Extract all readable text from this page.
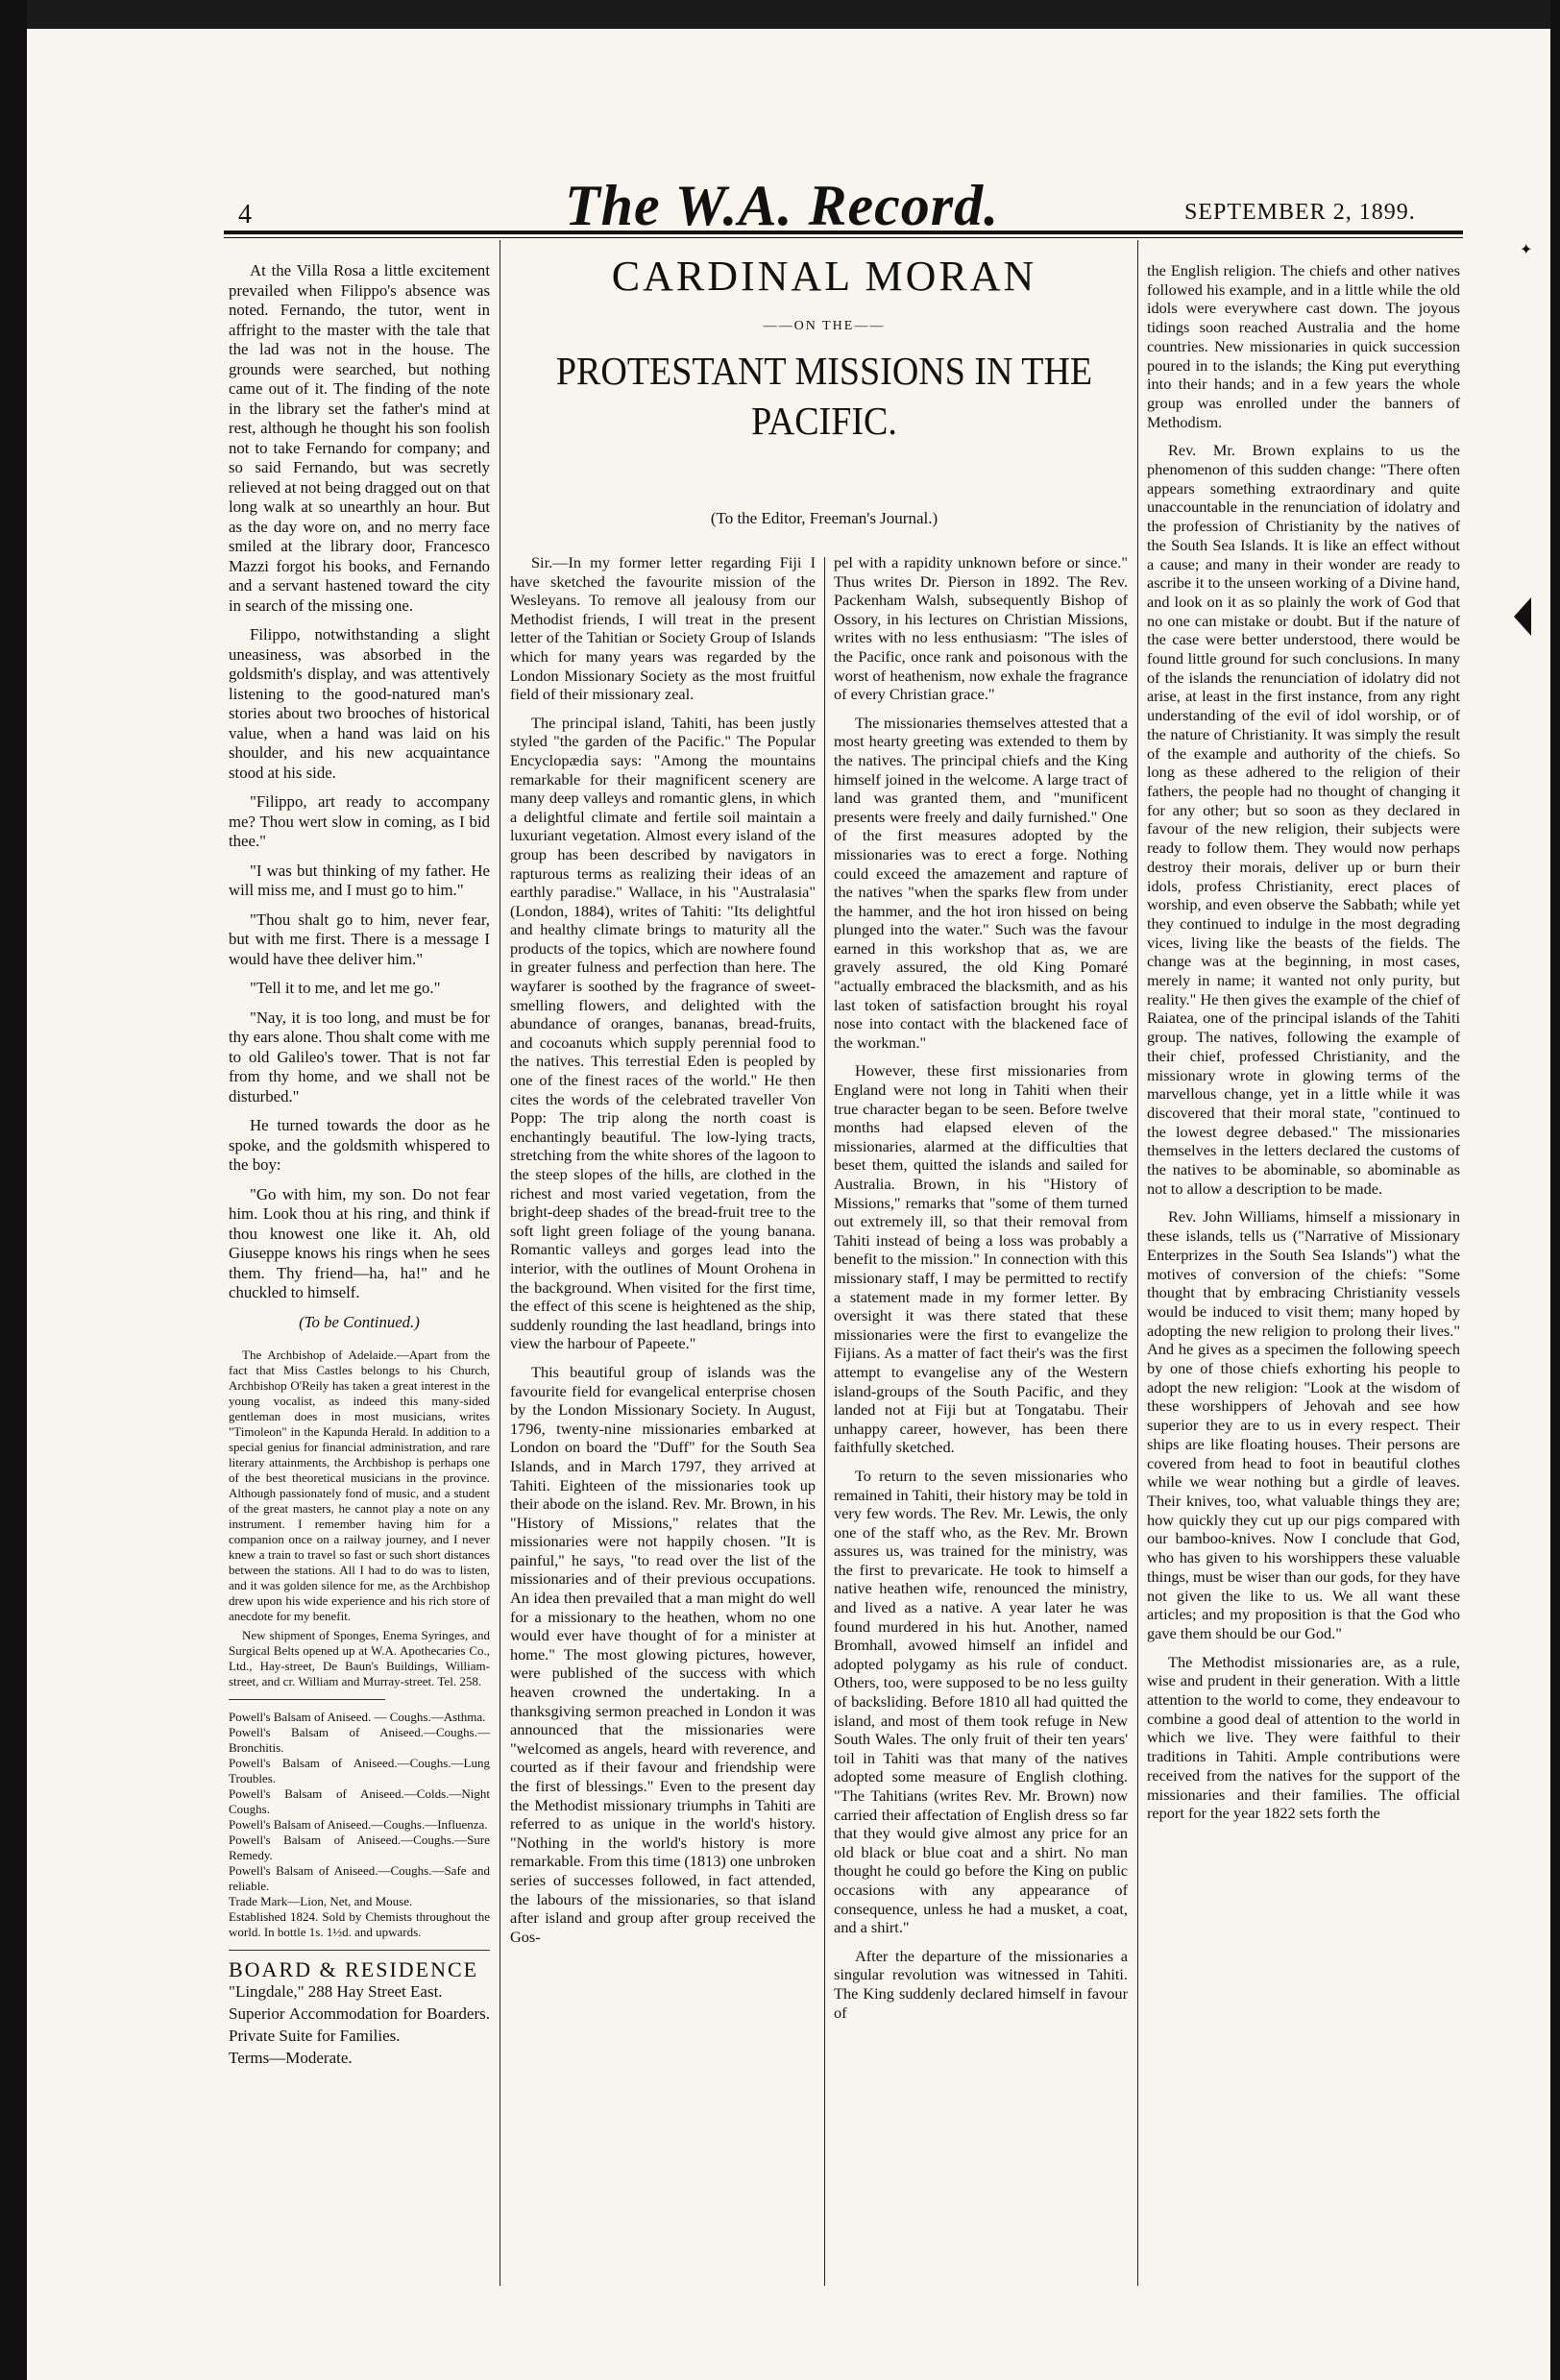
✦
4	The W.A. Record.	SEPTEMBER 2, 1899.
CARDINAL MORAN
——ON THE——
PROTESTANT MISSIONS IN THE PACIFIC.
(To the Editor, Freeman's Journal.)

At the Villa Rosa a little excitement prevailed when Filippo's absence was noted. Fernando, the tutor, went in affright to the master with the tale that the lad was not in the house. The grounds were searched, but nothing came out of it. The finding of the note in the library set the father's mind at rest, although he thought his son foolish not to take Fernando for company; and so said Fernando, but was secretly relieved at not being dragged out on that long walk at so unearthly an hour. But as the day wore on, and no merry face smiled at the library door, Francesco Mazzi forgot his books, and Fernando and a servant hastened toward the city in search of the missing one.

Filippo, notwithstanding a slight uneasiness, was absorbed in the goldsmith's display, and was attentively listening to the good-natured man's stories about two brooches of historical value, when a hand was laid on his shoulder, and his new acquaintance stood at his side.

"Filippo, art ready to accompany me? Thou wert slow in coming, as I bid thee."

"I was but thinking of my father. He will miss me, and I must go to him."

"Thou shalt go to him, never fear, but with me first. There is a message I would have thee deliver him."

"Tell it to me, and let me go."

"Nay, it is too long, and must be for thy ears alone. Thou shalt come with me to old Galileo's tower. That is not far from thy home, and we shall not be disturbed."

He turned towards the door as he spoke, and the goldsmith whispered to the boy:

"Go with him, my son. Do not fear him. Look thou at his ring, and think if thou knowest one like it. Ah, old Giuseppe knows his rings when he sees them. Thy friend—ha, ha!" and he chuckled to himself.

(To be Continued.)

The Archbishop of Adelaide.—Apart from the fact that Miss Castles belongs to his Church, Archbishop O'Reily has taken a great interest in the young vocalist, as indeed this many-sided gentleman does in most musicians, writes "Timoleon" in the Kapunda Herald. In addition to a special genius for financial administration, and rare literary attainments, the Archbishop is perhaps one of the best theoretical musicians in the province. Although passionately fond of music, and a student of the great masters, he cannot play a note on any instrument. I remember having him for a companion once on a railway journey, and I never knew a train to travel so fast or such short distances between the stations. All I had to do was to listen, and it was golden silence for me, as the Archbishop drew upon his wide experience and his rich store of anecdote for my benefit.

New shipment of Sponges, Enema Syringes, and Surgical Belts opened up at W.A. Apothecaries Co., Ltd., Hay-street, De Baun's Buildings, William-street, and cr. William and Murray-street. Tel. 258.

Powell's Balsam of Aniseed. — Coughs.—Asthma.

Powell's Balsam of Aniseed.—Coughs.—Bronchitis.

Powell's Balsam of Aniseed.—Coughs.—Lung Troubles.

Powell's Balsam of Aniseed.—Colds.—Night Coughs.

Powell's Balsam of Aniseed.—Coughs.—Influenza.

Powell's Balsam of Aniseed.—Coughs.—Sure Remedy.

Powell's Balsam of Aniseed.—Coughs.—Safe and reliable.

Trade Mark—Lion, Net, and Mouse.

Established 1824. Sold by Chemists throughout the world. In bottle 1s. 1½d. and upwards.

BOARD & RESIDENCE
"Lingdale," 288 Hay Street East.
Superior Accommodation for Boarders. Private Suite for Families.
Terms—Moderate.

Sir.—In my former letter regarding Fiji I have sketched the favourite mission of the Wesleyans. To remove all jealousy from our Methodist friends, I will treat in the present letter of the Tahitian or Society Group of Islands which for many years was regarded by the London Missionary Society as the most fruitful field of their missionary zeal.

The principal island, Tahiti, has been justly styled "the garden of the Pacific." The Popular Encyclopædia says: "Among the mountains remarkable for their magnificent scenery are many deep valleys and romantic glens, in which a delightful climate and fertile soil maintain a luxuriant vegetation. Almost every island of the group has been described by navigators in rapturous terms as realizing their ideas of an earthly paradise." Wallace, in his "Australasia" (London, 1884), writes of Tahiti: "Its delightful and healthy climate brings to maturity all the products of the topics, which are nowhere found in greater fulness and perfection than here. The wayfarer is soothed by the fragrance of sweet-smelling flowers, and delighted with the abundance of oranges, bananas, bread-fruits, and cocoanuts which supply perennial food to the natives. This terrestial Eden is peopled by one of the finest races of the world." He then cites the words of the celebrated traveller Von Popp: The trip along the north coast is enchantingly beautiful. The low-lying tracts, stretching from the white shores of the lagoon to the steep slopes of the hills, are clothed in the richest and most varied vegetation, from the bright-deep shades of the bread-fruit tree to the soft light green foliage of the young banana. Romantic valleys and gorges lead into the interior, with the outlines of Mount Orohena in the background. When visited for the first time, the effect of this scene is heightened as the ship, suddenly rounding the last headland, brings into view the harbour of Papeete."

This beautiful group of islands was the favourite field for evangelical enterprise chosen by the London Missionary Society. In August, 1796, twenty-nine missionaries embarked at London on board the "Duff" for the South Sea Islands, and in March 1797, they arrived at Tahiti. Eighteen of the missionaries took up their abode on the island. Rev. Mr. Brown, in his "History of Missions," relates that the missionaries were not happily chosen. "It is painful," he says, "to read over the list of the missionaries and of their previous occupations. An idea then prevailed that a man might do well for a missionary to the heathen, whom no one would ever have thought of for a minister at home." The most glowing pictures, however, were published of the success with which heaven crowned the undertaking. In a thanksgiving sermon preached in London it was announced that the missionaries were "welcomed as angels, heard with reverence, and courted as if their favour and friendship were the first of blessings." Even to the present day the Methodist missionary triumphs in Tahiti are referred to as unique in the world's history. "Nothing in the world's history is more remarkable. From this time (1813) one unbroken series of successes followed, in fact attended, the labours of the missionaries, so that island after island and group after group received the Gos-

pel with a rapidity unknown before or since." Thus writes Dr. Pierson in 1892. The Rev. Packenham Walsh, subsequently Bishop of Ossory, in his lectures on Christian Missions, writes with no less enthusiasm: "The isles of the Pacific, once rank and poisonous with the worst of heathenism, now exhale the fragrance of every Christian grace."

The missionaries themselves attested that a most hearty greeting was extended to them by the natives. The principal chiefs and the King himself joined in the welcome. A large tract of land was granted them, and "munificent presents were freely and daily furnished." One of the first measures adopted by the missionaries was to erect a forge. Nothing could exceed the amazement and rapture of the natives "when the sparks flew from under the hammer, and the hot iron hissed on being plunged into the water." Such was the favour earned in this workshop that as, we are gravely assured, the old King Pomaré "actually embraced the blacksmith, and as his last token of satisfaction brought his royal nose into contact with the blackened face of the workman."

However, these first missionaries from England were not long in Tahiti when their true character began to be seen. Before twelve months had elapsed eleven of the missionaries, alarmed at the difficulties that beset them, quitted the islands and sailed for Australia. Brown, in his "History of Missions," remarks that "some of them turned out extremely ill, so that their removal from Tahiti instead of being a loss was probably a benefit to the mission." In connection with this missionary staff, I may be permitted to rectify a statement made in my former letter. By oversight it was there stated that these missionaries were the first to evangelize the Fijians. As a matter of fact their's was the first attempt to evangelise any of the Western island-groups of the South Pacific, and they landed not at Fiji but at Tongatabu. Their unhappy career, however, has been there faithfully sketched.

To return to the seven missionaries who remained in Tahiti, their history may be told in very few words. The Rev. Mr. Lewis, the only one of the staff who, as the Rev. Mr. Brown assures us, was trained for the ministry, was the first to prevaricate. He took to himself a native heathen wife, renounced the ministry, and lived as a native. A year later he was found murdered in his hut. Another, named Bromhall, avowed himself an infidel and adopted polygamy as his rule of conduct. Others, too, were supposed to be no less guilty of backsliding. Before 1810 all had quitted the island, and most of them took refuge in New South Wales. The only fruit of their ten years' toil in Tahiti was that many of the natives adopted some measure of English clothing. "The Tahitians (writes Rev. Mr. Brown) now carried their affectation of English dress so far that they would give almost any price for an old black or blue coat and a shirt. No man thought he could go before the King on public occasions with any appearance of consequence, unless he had a musket, a coat, and a shirt."

After the departure of the missionaries a singular revolution was witnessed in Tahiti. The King suddenly declared himself in favour of

the English religion. The chiefs and other natives followed his example, and in a little while the old idols were everywhere cast down. The joyous tidings soon reached Australia and the home countries. New missionaries in quick succession poured in to the islands; the King put everything into their hands; and in a few years the whole group was enrolled under the banners of Methodism.

Rev. Mr. Brown explains to us the phenomenon of this sudden change: "There often appears something extraordinary and quite unaccountable in the renunciation of idolatry and the profession of Christianity by the natives of the South Sea Islands. It is like an effect without a cause; and many in their wonder are ready to ascribe it to the unseen working of a Divine hand, and look on it as so plainly the work of God that no one can mistake or doubt. But if the nature of the case were better understood, there would be found little ground for such conclusions. In many of the islands the renunciation of idolatry did not arise, at least in the first instance, from any right understanding of the evil of idol worship, or of the nature of Christianity. It was simply the result of the example and authority of the chiefs. So long as these adhered to the religion of their fathers, the people had no thought of changing it for any other; but so soon as they declared in favour of the new religion, their subjects were ready to follow them. They would now perhaps destroy their morais, deliver up or burn their idols, profess Christianity, erect places of worship, and even observe the Sabbath; while yet they continued to indulge in the most degrading vices, living like the beasts of the fields. The change was at the beginning, in most cases, merely in name; it wanted not only purity, but reality." He then gives the example of the chief of Raiatea, one of the principal islands of the Tahiti group. The natives, following the example of their chief, professed Christianity, and the missionary wrote in glowing terms of the marvellous change, yet in a little while it was discovered that their moral state, "continued to the lowest degree debased." The missionaries themselves in the letters declared the customs of the natives to be abominable, so abominable as not to allow a description to be made.

Rev. John Williams, himself a missionary in these islands, tells us ("Narrative of Missionary Enterprizes in the South Sea Islands") what the motives of conversion of the chiefs: "Some thought that by embracing Christianity vessels would be induced to visit them; many hoped by adopting the new religion to prolong their lives." And he gives as a specimen the following speech by one of those chiefs exhorting his people to adopt the new religion: "Look at the wisdom of these worshippers of Jehovah and see how superior they are to us in every respect. Their ships are like floating houses. Their persons are covered from head to foot in beautiful clothes while we wear nothing but a girdle of leaves. Their knives, too, what valuable things they are; how quickly they cut up our pigs compared with our bamboo-knives. Now I conclude that God, who has given to his worshippers these valuable things, must be wiser than our gods, for they have not given the like to us. We all want these articles; and my proposition is that the God who gave them should be our God."

The Methodist missionaries are, as a rule, wise and prudent in their generation. With a little attention to the world to come, they endeavour to combine a good deal of attention to the world in which we live. They were faithful to their traditions in Tahiti. Ample contributions were received from the natives for the support of the missionaries and their families. The official report for the year 1822 sets forth the
